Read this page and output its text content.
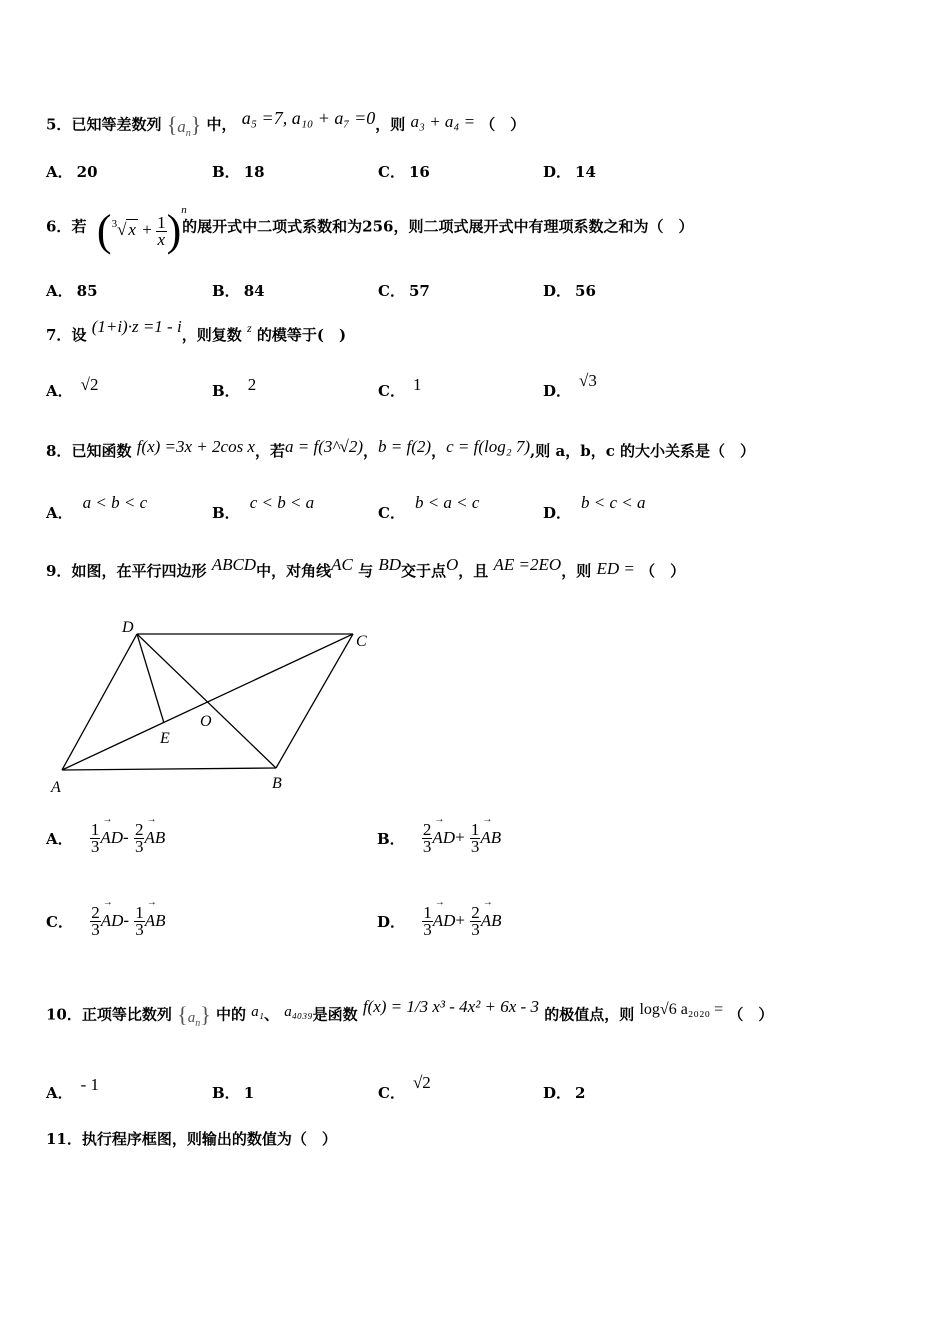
5．已知等差数列 $\{a_n\}$ 中， a₅ =7, a₁₀ + a₇ =0，则 a₃ + a₄ = （　）
A． 20	B． 18	C． 16	D． 14
6．若 ($^3$√ $x + \frac{1}{x} )^n$ 的展开式中二项式系数和为256，则二项式展开式中有理项系数之和为（　）
A． 85	B． 84	C． 57	D． 56
7．设 (1+i)·z =1 - i，则复数 $^z$ 的模等于(　)
A． √2	B． 2	C． 1	D．√3
8．已知函数 f(x) =3x + 2cos x，若a = f(3^√2)，b = f(2)，c = f(log₂ 7),则 a，b，c 的大小关系是（　）
A．a < b < c
B．c < b < a
C．b < a < c
D．b < c < a
9．如图，在平行四边形 ABCD中，对角线AC 与 BD交于点O，且 AE =2EO，则 ED = （　）
D
C
A	B
E
O
A． $\frac{1}{3}$
→ $AD- \frac{2}{3}$
→ AB	B． $\frac{2}{3}$
→ $AD+ \frac{1}{3}$
→ AB
C． $\frac{2}{3}$
→ $AD- \frac{1}{3}$
→ AB	D． $\frac{1}{3}$
→ $AD+ \frac{2}{3}$
→ AB
10．正项等比数列 $\{a_n\}$ 中的 a₁、 a₄₀₃₉是函数 f(x) = 1/3 x³ - 4x² + 6x - 3 的极值点，则 log√6 a₂₀₂₀ = （　）
A． - 1	B． 1	C．√2
D． 2
11．执行程序框图，则输出的数值为（　）
